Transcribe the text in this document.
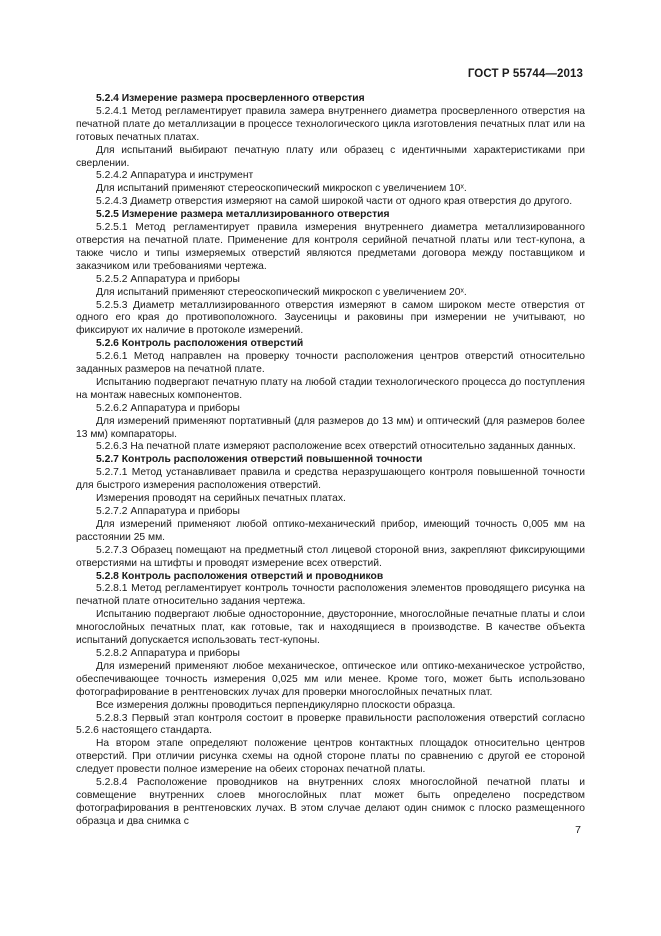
ГОСТ Р 55744—2013

5.2.4 Измерение размера просверленного отверстия

5.2.4.1 Метод регламентирует правила замера внутреннего диаметра просверленного отверстия на печатной плате до металлизации в процессе технологического цикла изготовления печатных плат или на готовых печатных платах.

Для испытаний выбирают печатную плату или образец с идентичными характеристиками при сверлении.

5.2.4.2 Аппаратура и инструмент

Для испытаний применяют стереоскопический микроскоп с увеличением 10ˣ.

5.2.4.3 Диаметр отверстия измеряют на самой широкой части от одного края отверстия до другого.

5.2.5 Измерение размера металлизированного отверстия

5.2.5.1 Метод регламентирует правила измерения внутреннего диаметра металлизированного отверстия на печатной плате. Применение для контроля серийной печатной платы или тест-купона, а также число и типы измеряемых отверстий являются предметами договора между поставщиком и заказчиком или требованиями чертежа.

5.2.5.2 Аппаратура и приборы

Для испытаний применяют стереоскопический микроскоп с увеличением 20ˣ.

5.2.5.3 Диаметр металлизированного отверстия измеряют в самом широком месте отверстия от одного его края до противоположного. Заусеницы и раковины при измерении не учитывают, но фиксируют их наличие в протоколе измерений.

5.2.6 Контроль расположения отверстий

5.2.6.1 Метод направлен на проверку точности расположения центров отверстий относительно заданных размеров на печатной плате.

Испытанию подвергают печатную плату на любой стадии технологического процесса до поступления на монтаж навесных компонентов.

5.2.6.2 Аппаратура и приборы

Для измерений применяют портативный (для размеров до 13 мм) и оптический (для размеров более 13 мм) компараторы.

5.2.6.3 На печатной плате измеряют расположение всех отверстий относительно заданных данных.

5.2.7 Контроль расположения отверстий повышенной точности

5.2.7.1 Метод устанавливает правила и средства неразрушающего контроля повышенной точности для быстрого измерения расположения отверстий.

Измерения проводят на серийных печатных платах.

5.2.7.2 Аппаратура и приборы

Для измерений применяют любой оптико-механический прибор, имеющий точность 0,005 мм на расстоянии 25 мм.

5.2.7.3 Образец помещают на предметный стол лицевой стороной вниз, закрепляют фиксирующими отверстиями на штифты и проводят измерение всех отверстий.

5.2.8 Контроль расположения отверстий и проводников

5.2.8.1 Метод регламентирует контроль точности расположения элементов проводящего рисунка на печатной плате относительно задания чертежа.

Испытанию подвергают любые односторонние, двусторонние, многослойные печатные платы и слои многослойных печатных плат, как готовые, так и находящиеся в производстве. В качестве объекта испытаний допускается использовать тест-купоны.

5.2.8.2 Аппаратура и приборы

Для измерений применяют любое механическое, оптическое или оптико-механическое устройство, обеспечивающее точность измерения 0,025 мм или менее. Кроме того, может быть использовано фотографирование в рентгеновских лучах для проверки многослойных печатных плат.

Все измерения должны проводиться перпендикулярно плоскости образца.

5.2.8.3 Первый этап контроля состоит в проверке правильности расположения отверстий согласно 5.2.6 настоящего стандарта.

На втором этапе определяют положение центров контактных площадок относительно центров отверстий. При отличии рисунка схемы на одной стороне платы по сравнению с другой ее стороной следует провести полное измерение на обеих сторонах печатной платы.

5.2.8.4 Расположение проводников на внутренних слоях многослойной печатной платы и совмещение внутренних слоев многослойных плат может быть определено посредством фотографирования в рентгеновских лучах. В этом случае делают один снимок с плоско размещенного образца и два снимка с

7
